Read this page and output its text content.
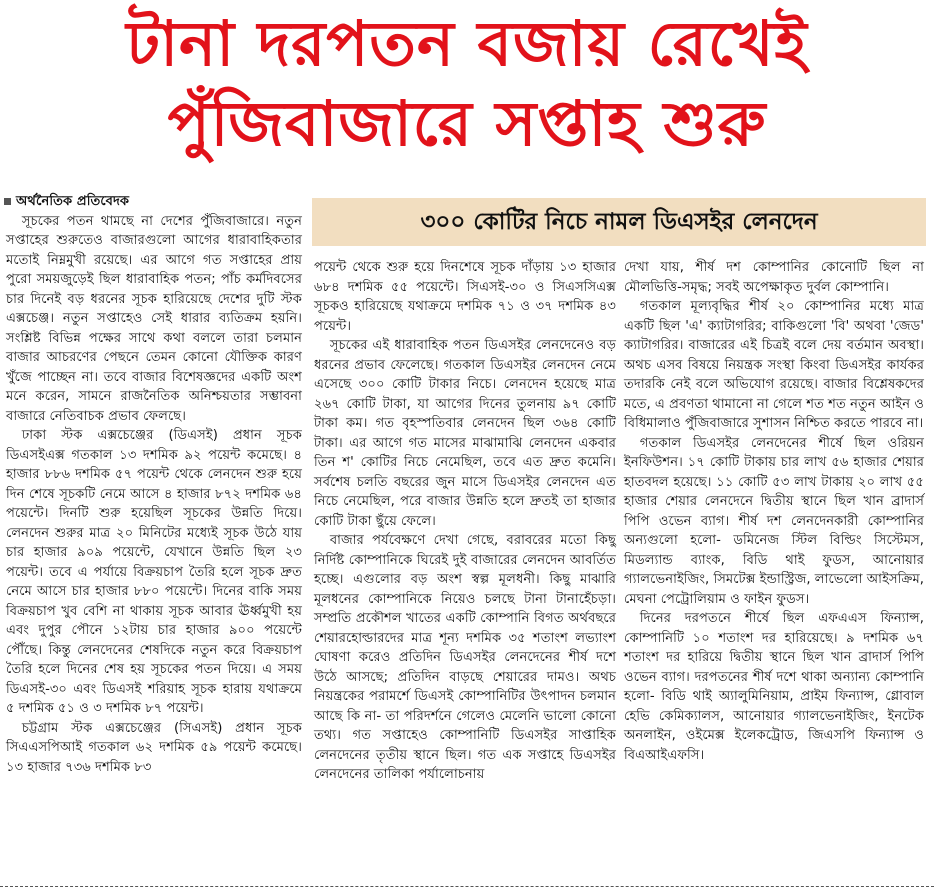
টানা দরপতন বজায় রেখেই
পুঁজিবাজারে সপ্তাহ শুরু
অর্থনৈতিক প্রতিবেদক

সূচকের পতন থামছে না দেশের পুঁজিবাজারে। নতুন সপ্তাহের শুরুতেও বাজারগুলো আগের ধারাবাহিকতার মতোই নিম্নমুখী রয়েছে। এর আগে গত সপ্তাহের প্রায় পুরো সময়জুড়েই ছিল ধারাবাহিক পতন; পাঁচ কর্মদিবসের চার দিনেই বড় ধরনের সূচক হারিয়েছে দেশের দুটি স্টক এক্সচেঞ্জ। নতুন সপ্তাহেও সেই ধারার ব্যতিক্রম হয়নি। সংশ্লিষ্ট বিভিন্ন পক্ষের সাথে কথা বললে তারা চলমান বাজার আচরণের পেছনে তেমন কোনো যৌক্তিক কারণ খুঁজে পাচ্ছেন না। তবে বাজার বিশেষজ্ঞদের একটি অংশ মনে করেন, সামনে রাজনৈতিক অনিশ্চয়তার সম্ভাবনা বাজারে নেতিবাচক প্রভাব ফেলছে।

ঢাকা স্টক এক্সচেঞ্জের (ডিএসই) প্রধান সূচক ডিএসইএক্স গতকাল ১৩ দশমিক ৯২ পয়েন্ট কমেছে। ৪ হাজার ৮৮৬ দশমিক ৫৭ পয়েন্ট থেকে লেনদেন শুরু হয়ে দিন শেষে সূচকটি নেমে আসে ৪ হাজার ৮৭২ দশমিক ৬৪ পয়েন্টে। দিনটি শুরু হয়েছিল সূচকের উন্নতি দিয়ে। লেনদেন শুরুর মাত্র ২০ মিনিটের মধ্যেই সূচক উঠে যায় চার হাজার ৯০৯ পয়েন্টে, যেখানে উন্নতি ছিল ২৩ পয়েন্ট। তবে এ পর্যায়ে বিক্রয়চাপ তৈরি হলে সূচক দ্রুত নেমে আসে চার হাজার ৮৮০ পয়েন্টে। দিনের বাকি সময় বিক্রয়চাপ খুব বেশি না থাকায় সূচক আবার ঊর্ধ্বমুখী হয় এবং দুপুর পৌনে ১২টায় চার হাজার ৯০০ পয়েন্টে পৌঁছে। কিন্তু লেনদেনের শেষদিকে নতুন করে বিক্রয়চাপ তৈরি হলে দিনের শেষ হয় সূচকের পতন দিয়ে। এ সময় ডিএসই-৩০ এবং ডিএসই শরিয়াহ সূচক হারায় যথাক্রমে ৫ দশমিক ৫১ ও ৩ দশমিক ৮৭ পয়েন্ট।

চট্টগ্রাম স্টক এক্সচেঞ্জের (সিএসই) প্রধান সূচক সিএএসপিআই গতকাল ৬২ দশমিক ৫৯ পয়েন্ট কমেছে। ১৩ হাজার ৭৩৬ দশমিক ৮৩

৩০০ কোটির নিচে নামল ডিএসইর লেনদেন

পয়েন্ট থেকে শুরু হয়ে দিনশেষে সূচক দাঁড়ায় ১৩ হাজার ৬৮৪ দশমিক ৫৫ পয়েন্টে। সিএসই-৩০ ও সিএসসিএক্স সূচকও হারিয়েছে যথাক্রমে দশমিক ৭১ ও ৩৭ দশমিক ৪৩ পয়েন্ট।

সূচকের এই ধারাবাহিক পতন ডিএসইর লেনদেনেও বড় ধরনের প্রভাব ফেলেছে। গতকাল ডিএসইর লেনদেন নেমে এসেছে ৩০০ কোটি টাকার নিচে। লেনদেন হয়েছে মাত্র ২৬৭ কোটি টাকা, যা আগের দিনের তুলনায় ৯৭ কোটি টাকা কম। গত বৃহস্পতিবার লেনদেন ছিল ৩৬৪ কোটি টাকা। এর আগে গত মাসের মাঝামাঝি লেনদেন একবার তিন শ' কোটির নিচে নেমেছিল, তবে এত দ্রুত কমেনি। সর্বশেষ চলতি বছরের জুন মাসে ডিএসইর লেনদেন এত নিচে নেমেছিল, পরে বাজার উন্নতি হলে দ্রুতই তা হাজার কোটি টাকা ছুঁয়ে ফেলে।

বাজার পর্যবেক্ষণে দেখা গেছে, বরাবরের মতো কিছু নির্দিষ্ট কোম্পানিকে ঘিরেই দুই বাজারের লেনদেন আবর্তিত হচ্ছে। এগুলোর বড় অংশ স্বল্প মূলধনী। কিছু মাঝারি মূলধনের কোম্পানিকে নিয়েও চলছে টানা টানাহেঁচড়া। সম্প্রতি প্রকৌশল খাতের একটি কোম্পানি বিগত অর্থবছরে শেয়ারহোল্ডারদের মাত্র শূন্য দশমিক ৩৫ শতাংশ লভ্যাংশ ঘোষণা করেও প্রতিদিন ডিএসইর লেনদেনের শীর্ষ দশে উঠে আসছে; প্রতিদিন বাড়ছে শেয়ারের দামও। অথচ নিয়ন্ত্রকের পরামর্শে ডিএসই কোম্পানিটির উৎপাদন চলমান আছে কি না- তা পরিদর্শনে গেলেও মেলেনি ভালো কোনো তথ্য। গত সপ্তাহেও কোম্পানিটি ডিএসইর সাপ্তাহিক লেনদেনের তৃতীয় স্থানে ছিল। গত এক সপ্তাহে ডিএসইর লেনদেনের তালিকা পর্যালোচনায়

দেখা যায়, শীর্ষ দশ কোম্পানির কোনোটি ছিল না মৌলভিত্তি-সমৃদ্ধ; সবই অপেক্ষাকৃত দুর্বল কোম্পানি।

গতকাল মূল্যবৃদ্ধির শীর্ষ ২০ কোম্পানির মধ্যে মাত্র একটি ছিল 'এ' ক্যাটাগরির; বাকিগুলো 'বি' অথবা 'জেড' ক্যাটাগরির। বাজারের এই চিত্রই বলে দেয় বর্তমান অবস্থা। অথচ এসব বিষয়ে নিয়ন্ত্রক সংস্থা কিংবা ডিএসইর কার্যকর তদারকি নেই বলে অভিযোগ রয়েছে। বাজার বিশ্লেষকদের মতে, এ প্রবণতা থামানো না গেলে শত শত নতুন আইন ও বিধিমালাও পুঁজিবাজারে সুশাসন নিশ্চিত করতে পারবে না।

গতকাল ডিএসইর লেনদেনের শীর্ষে ছিল ওরিয়ন ইনফিউশন। ১৭ কোটি টাকায় চার লাখ ৫৬ হাজার শেয়ার হাতবদল হয়েছে। ১১ কোটি ৫৩ লাখ টাকায় ২০ লাখ ৫৫ হাজার শেয়ার লেনদেনে দ্বিতীয় স্থানে ছিল খান ব্রাদার্স পিপি ওভেন ব্যাগ। শীর্ষ দশ লেনদেনকারী কোম্পানির অন্যগুলো হলো- ডমিনেজ স্টিল বিল্ডিং সিস্টেমস, মিডল্যান্ড ব্যাংক, বিডি থাই ফুডস, আনোয়ার গ্যালভেনাইজিং, সিমটেক্স ইন্ডাস্ট্রিজ, লাভেলো আইসক্রিম, মেঘনা পেট্রোলিয়াম ও ফাইন ফুডস।

দিনের দরপতনে শীর্ষে ছিল এফএএস ফিন্যান্স, কোম্পানিটি ১০ শতাংশ দর হারিয়েছে। ৯ দশমিক ৬৭ শতাংশ দর হারিয়ে দ্বিতীয় স্থানে ছিল খান ব্রাদার্স পিপি ওভেন ব্যাগ। দরপতনের শীর্ষ দশে থাকা অন্যান্য কোম্পানি হলো- বিডি থাই অ্যালুমিনিয়াম, প্রাইম ফিন্যান্স, গ্লোবাল হেভি কেমিক্যালস, আনোয়ার গ্যালভেনাইজিং, ইনটেক অনলাইন, ওইমেক্স ইলেকট্রোড, জিএসপি ফিন্যান্স ও বিএআইএফসি।
